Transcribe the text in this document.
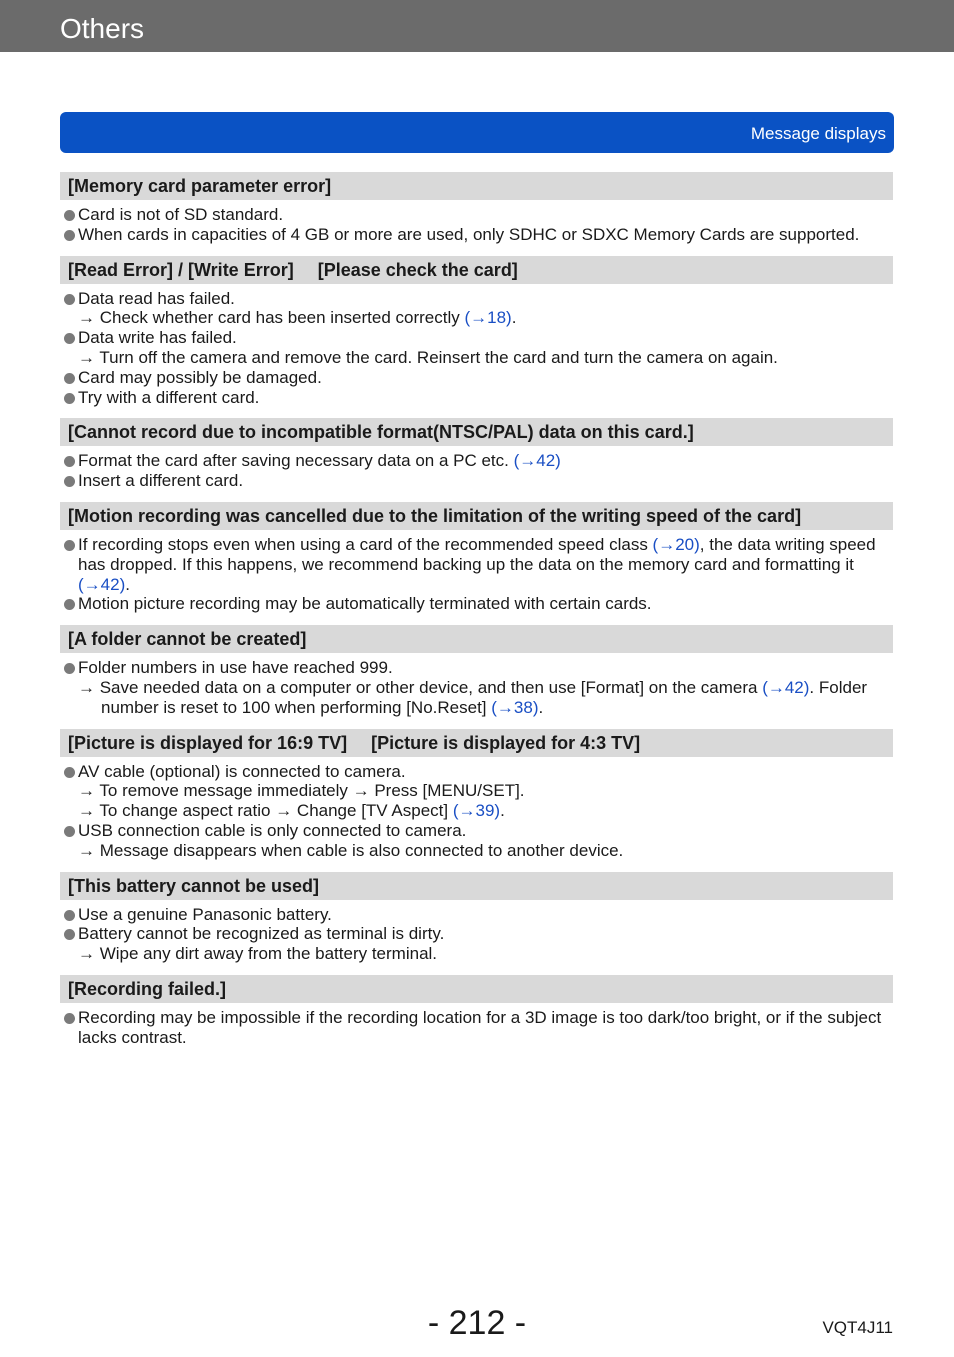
Others
Message displays
[Memory card parameter error]
Card is not of SD standard.
When cards in capacities of 4 GB or more are used, only SDHC or SDXC Memory Cards are supported.
[Read Error] / [Write Error] [Please check the card]
Data read has failed.
→ Check whether card has been inserted correctly (→18).
Data write has failed.
→ Turn off the camera and remove the card. Reinsert the card and turn the camera on again.
Card may possibly be damaged.
Try with a different card.
[Cannot record due to incompatible format(NTSC/PAL) data on this card.]
Format the card after saving necessary data on a PC etc. (→42)
Insert a different card.
[Motion recording was cancelled due to the limitation of the writing speed of the card]
If recording stops even when using a card of the recommended speed class (→20), the data writing speed has dropped. If this happens, we recommend backing up the data on the memory card and formatting it (→42).
Motion picture recording may be automatically terminated with certain cards.
[A folder cannot be created]
Folder numbers in use have reached 999.
→ Save needed data on a computer or other device, and then use [Format] on the camera (→42). Folder number is reset to 100 when performing [No.Reset] (→38).
[Picture is displayed for 16:9 TV] [Picture is displayed for 4:3 TV]
AV cable (optional) is connected to camera.
→ To remove message immediately → Press [MENU/SET].
→ To change aspect ratio → Change [TV Aspect] (→39).
USB connection cable is only connected to camera.
→ Message disappears when cable is also connected to another device.
[This battery cannot be used]
Use a genuine Panasonic battery.
Battery cannot be recognized as terminal is dirty.
→ Wipe any dirt away from the battery terminal.
[Recording failed.]
Recording may be impossible if the recording location for a 3D image is too dark/too bright, or if the subject lacks contrast.
- 212 -	VQT4J11
